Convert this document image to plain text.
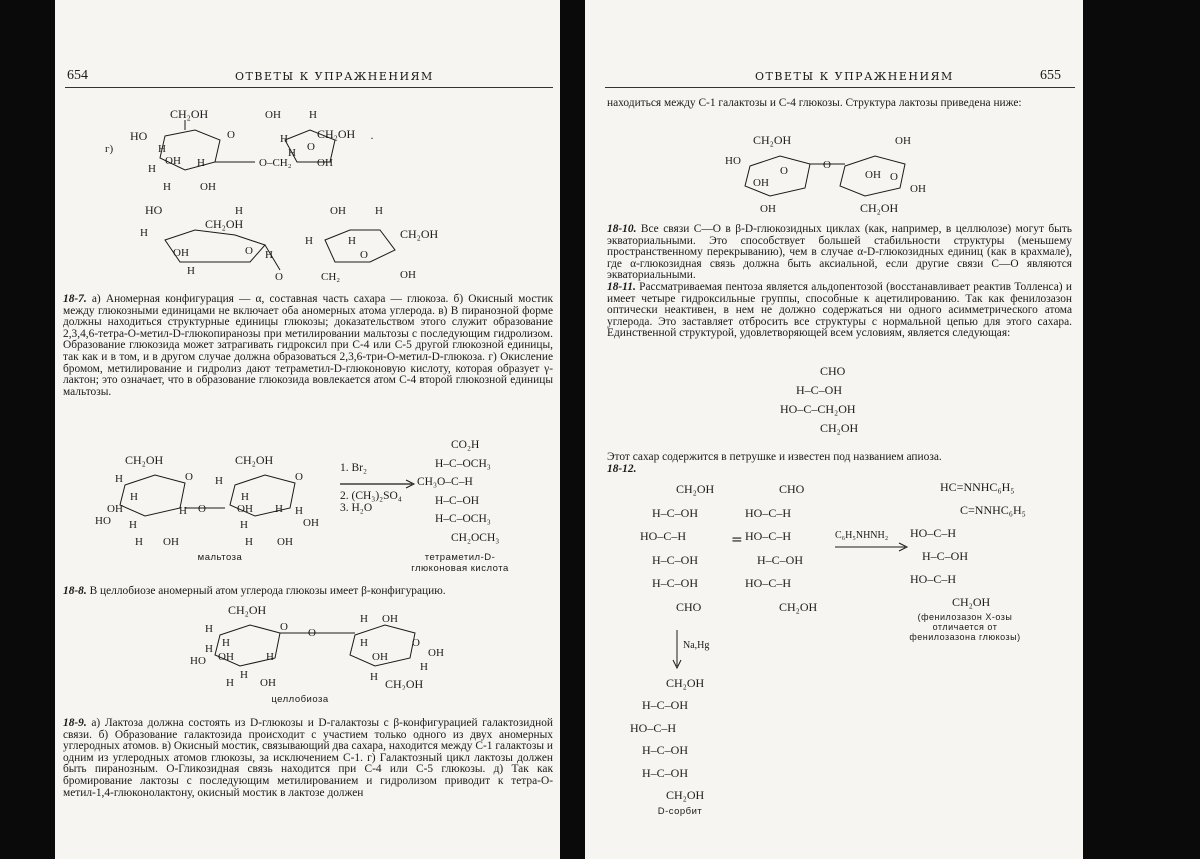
654	ОТВЕТЫ К УПРАЖНЕНИЯМ
г)
CH₂OH
HO
H
OH
H	H
H	OH
O
O–CH₂
OH	H
CH₂OH
H
H O
OH
·
HO
CH₂OH
H
H
OH
H
O H
O
OH
H	H
O
CH₂OH
H
CH₂	OH
18-7. а) Аномерная конфигурация — α, составная часть сахара — глюкоза. б) Окисный мостик между глюкозными единицами не включает оба аномерных атома углерода. в) В пиранозной форме должны находиться структурные единицы глюкозы; доказательством этого служит образование 2,3,4,6-тетра-О-метил-D-глюкопиранозы при метилировании мальтозы с последующим гидролизом. Образование глюкозида может затрагивать гидроксил при С-4 или С-5 другой глюкозной единицы, так как и в том, и в другом случае должна образоваться 2,3,6-три-О-метил-D-глюкоза. г) Окисление бромом, метилирование и гидролиз дают тетраметил-D-глюконовую кислоту, которая образует γ-лактон; это означает, что в образование глюкозида вовлекается атом С-4 второй глюкозной единицы мальтозы.
CH₂OH	CH₂OH
H
H
OH
HO H
H OH
H
O
O
H
H
OH H
H
H OH
O
H
OH
1. Br₂
2. (CH₃)₂SO₄
3. H₂O
CO₂H
H–C–OCH₃
CH₃O–C–H
H–C–OH
H–C–OCH₃
CH₂OCH₃
мальтоза	тетраметил-D-глюконовая кислота
18-8. В целлобиозе аномерный атом углерода глюкозы имеет β-конфигурацию.
CH₂OH
H
H
OH
HO
H
H
H OH
O
H
O
H OH
H
OH
O
OH
H
H CH₂OH
целлобиоза
18-9. а) Лактоза должна состоять из D-глюкозы и D-галактозы с β-конфигурацией галактозидной связи. б) Образование галактозида происходит с участием только одного из двух аномерных углеродных атомов. в) Окисный мостик, связывающий два сахара, находится между С-1 галактозы и одним из углеродных атомов глюкозы, за исключением С-1. г) Галактозный цикл лактозы должен быть пиранозным. О-Гликозидная связь находится при С-4 или С-5 глюкозы. д) Так как бромирование лактозы с последующим метилированием и гидролизом приводит к тетра-О-метил-1,4-глюконолактону, окисный мостик в лактозе должен
ОТВЕТЫ К УПРАЖНЕНИЯМ	655
находиться между С-1 галактозы и С-4 глюкозы. Структура лактозы приведена ниже:
CH₂OH
HO
OH
O
OH
O
OH
OH O
OH
CH₂OH
18-10. Все связи С—О в β-D-глюкозидных циклах (как, например, в целлюлозе) могут быть экваториальными. Это способствует большей стабильности структуры (меньшему пространственному перекрыванию), чем в случае α-D-глюкозидных единиц (как в крахмале), где α-глюкозидная связь должна быть аксиальной, если другие связи С—О являются экваториальными.
18-11. Рассматриваемая пентоза является альдопентозой (восстанавливает реактив Толленса) и имеет четыре гидроксильные группы, способные к ацетилированию. Так как фенилозазон оптически неактивен, в нем не должно содержаться ни одного асимметрического атома углерода. Это заставляет отбросить все структуры с нормальной цепью для этого сахара. Единственной структурой, удовлетворяющей всем условиям, является следующая:
CHO
H–C–OH
HO–C–CH₂OH
CH₂OH
Этот сахар содержится в петрушке и известен под названием апиоза.
18-12.
CH₂OH
H–C–OH
HO–C–H
H–C–OH
H–C–OH
CHO
=
CHO
HO–C–H
HO–C–H
H–C–OH
HO–C–H
CH₂OH
C₆H₅NHNH₂
HC=NNHC₆H₅
C=NNHC₆H₅
HO–C–H
H–C–OH
HO–C–H
CH₂OH
(фенилозазон Х-озы отличается от фенилозазона глюкозы)
Na,Hg
CH₂OH
H–C–OH
HO–C–H
H–C–OH
H–C–OH
CH₂OH
D-сорбит
